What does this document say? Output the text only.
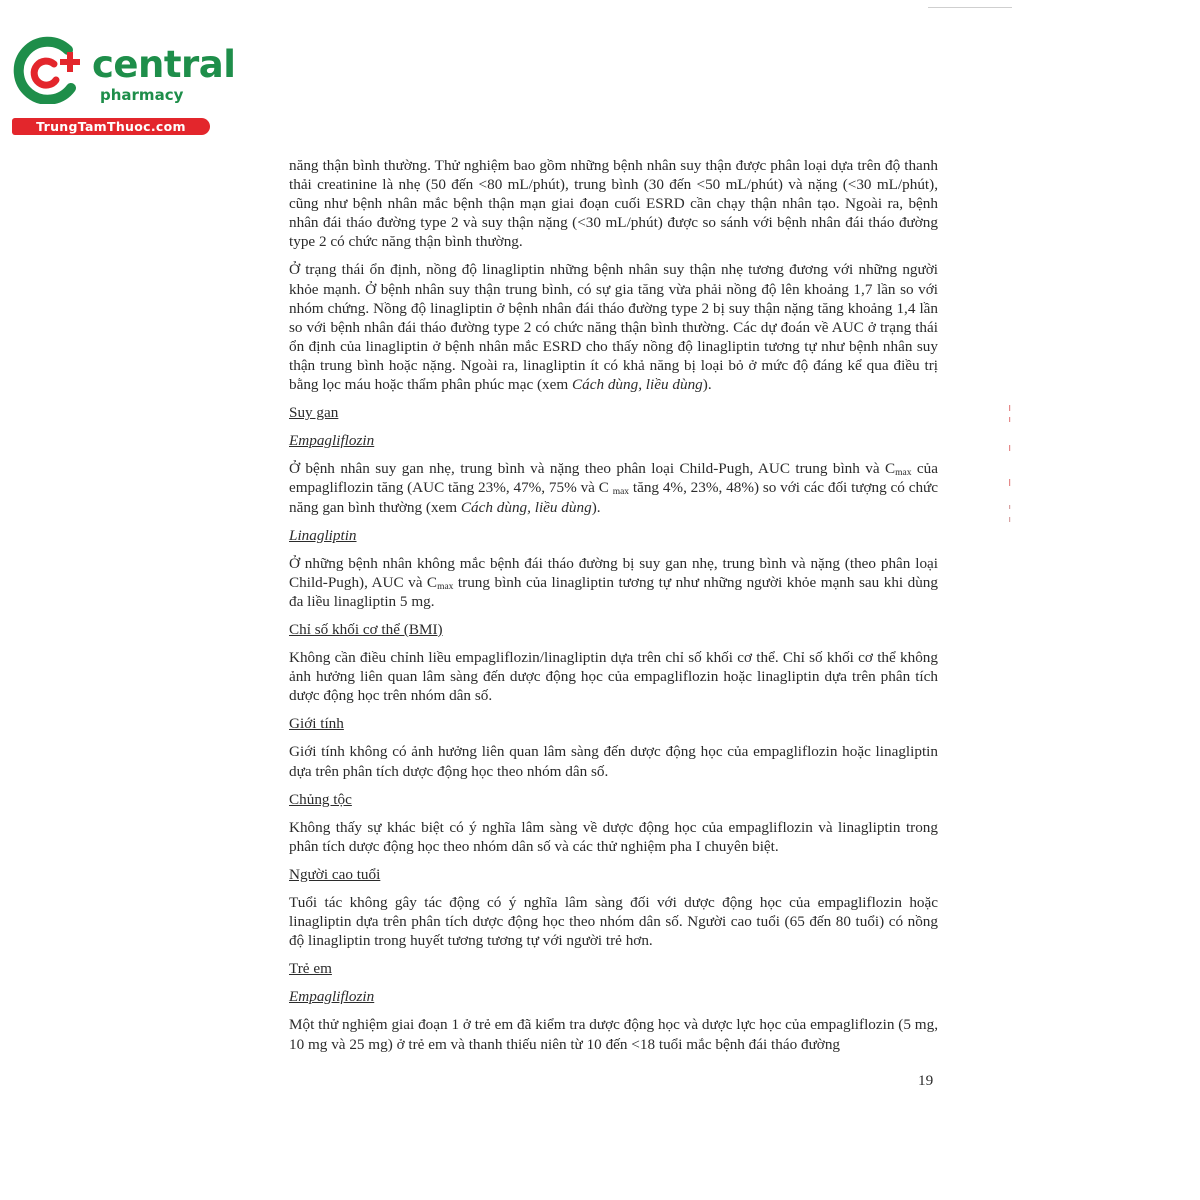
central
pharmacy
TrungTamThuoc.com

năng thận bình thường. Thử nghiệm bao gồm những bệnh nhân suy thận được phân loại dựa trên độ thanh thải creatinine là nhẹ (50 đến <80 mL/phút), trung bình (30 đến <50 mL/phút) và nặng (<30 mL/phút), cũng như bệnh nhân mắc bệnh thận mạn giai đoạn cuối ESRD cần chạy thận nhân tạo. Ngoài ra, bệnh nhân đái tháo đường type 2 và suy thận nặng (<30 mL/phút) được so sánh với bệnh nhân đái tháo đường type 2 có chức năng thận bình thường.

Ở trạng thái ổn định, nồng độ linagliptin những bệnh nhân suy thận nhẹ tương đương với những người khỏe mạnh. Ở bệnh nhân suy thận trung bình, có sự gia tăng vừa phải nồng độ lên khoảng 1,7 lần so với nhóm chứng. Nồng độ linagliptin ở bệnh nhân đái tháo đường type 2 bị suy thận nặng tăng khoảng 1,4 lần so với bệnh nhân đái tháo đường type 2 có chức năng thận bình thường. Các dự đoán về AUC ở trạng thái ổn định của linagliptin ở bệnh nhân mắc ESRD cho thấy nồng độ linagliptin tương tự như bệnh nhân suy thận trung bình hoặc nặng. Ngoài ra, linagliptin ít có khả năng bị loại bỏ ở mức độ đáng kể qua điều trị bằng lọc máu hoặc thẩm phân phúc mạc (xem Cách dùng, liều dùng).

Suy gan
Empagliflozin

Ở bệnh nhân suy gan nhẹ, trung bình và nặng theo phân loại Child-Pugh, AUC trung bình và $C_{max}$ của empagliflozin tăng (AUC tăng 23%, 47%, 75% và C $_{max}$ tăng 4%, 23%, 48%) so với các đối tượng có chức năng gan bình thường (xem Cách dùng, liều dùng).

Linagliptin

Ở những bệnh nhân không mắc bệnh đái tháo đường bị suy gan nhẹ, trung bình và nặng (theo phân loại Child-Pugh), AUC và $C_{max}$ trung bình của linagliptin tương tự như những người khỏe mạnh sau khi dùng đa liều linagliptin 5 mg.

Chỉ số khối cơ thể (BMI)

Không cần điều chỉnh liều empagliflozin/linagliptin dựa trên chỉ số khối cơ thể. Chỉ số khối cơ thể không ảnh hưởng liên quan lâm sàng đến dược động học của empagliflozin hoặc linagliptin dựa trên phân tích dược động học trên nhóm dân số.

Giới tính

Giới tính không có ảnh hưởng liên quan lâm sàng đến dược động học của empagliflozin hoặc linagliptin dựa trên phân tích dược động học theo nhóm dân số.

Chủng tộc

Không thấy sự khác biệt có ý nghĩa lâm sàng về dược động học của empagliflozin và linagliptin trong phân tích dược động học theo nhóm dân số và các thử nghiệm pha I chuyên biệt.

Người cao tuổi

Tuổi tác không gây tác động có ý nghĩa lâm sàng đối với dược động học của empagliflozin hoặc linagliptin dựa trên phân tích dược động học theo nhóm dân số. Người cao tuổi (65 đến 80 tuổi) có nồng độ linagliptin trong huyết tương tương tự với người trẻ hơn.

Trẻ em
Empagliflozin

Một thử nghiệm giai đoạn 1 ở trẻ em đã kiểm tra dược động học và dược lực học của empagliflozin (5 mg, 10 mg và 25 mg) ở trẻ em và thanh thiếu niên từ 10 đến <18 tuổi mắc bệnh đái tháo đường

19
